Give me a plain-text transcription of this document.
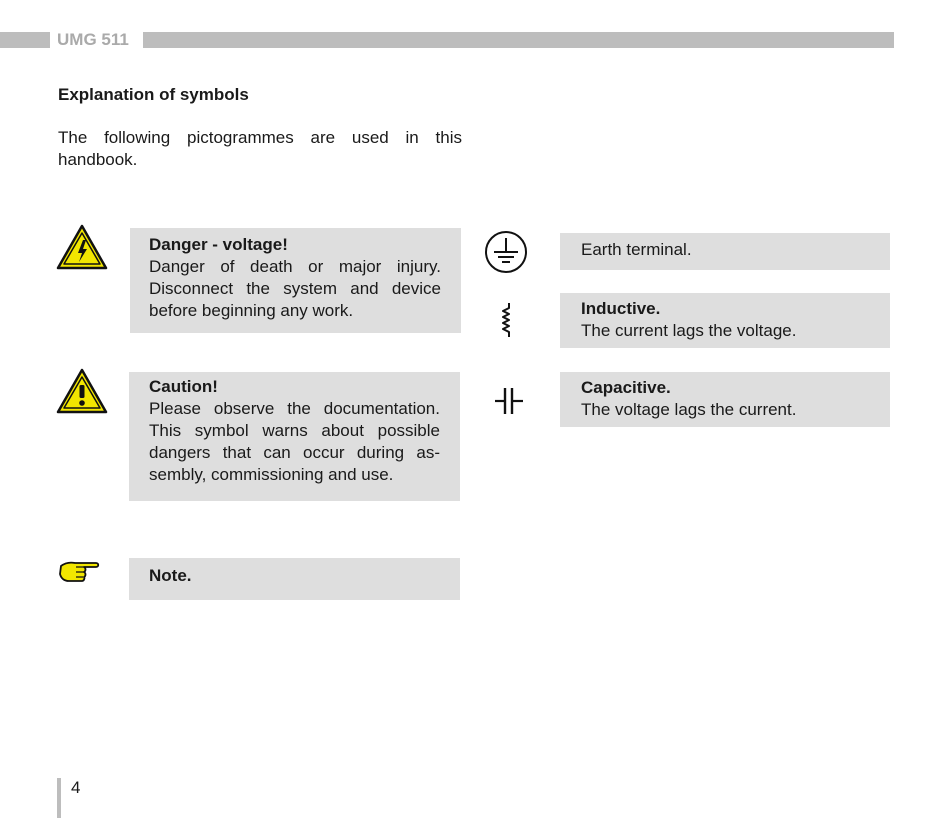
UMG 511
Explanation of symbols
The following pictogrammes are used in this handbook.
Danger - voltage!
Danger of death or major injury. Disconnect the system and device before beginning any work.
Caution!
Please observe the documentation. This symbol warns about possible dangers that can occur during as-sembly, commissioning and use.
Note.
Earth terminal.
Inductive.
The current lags the voltage.
Capacitive.
The voltage lags the current.
4
